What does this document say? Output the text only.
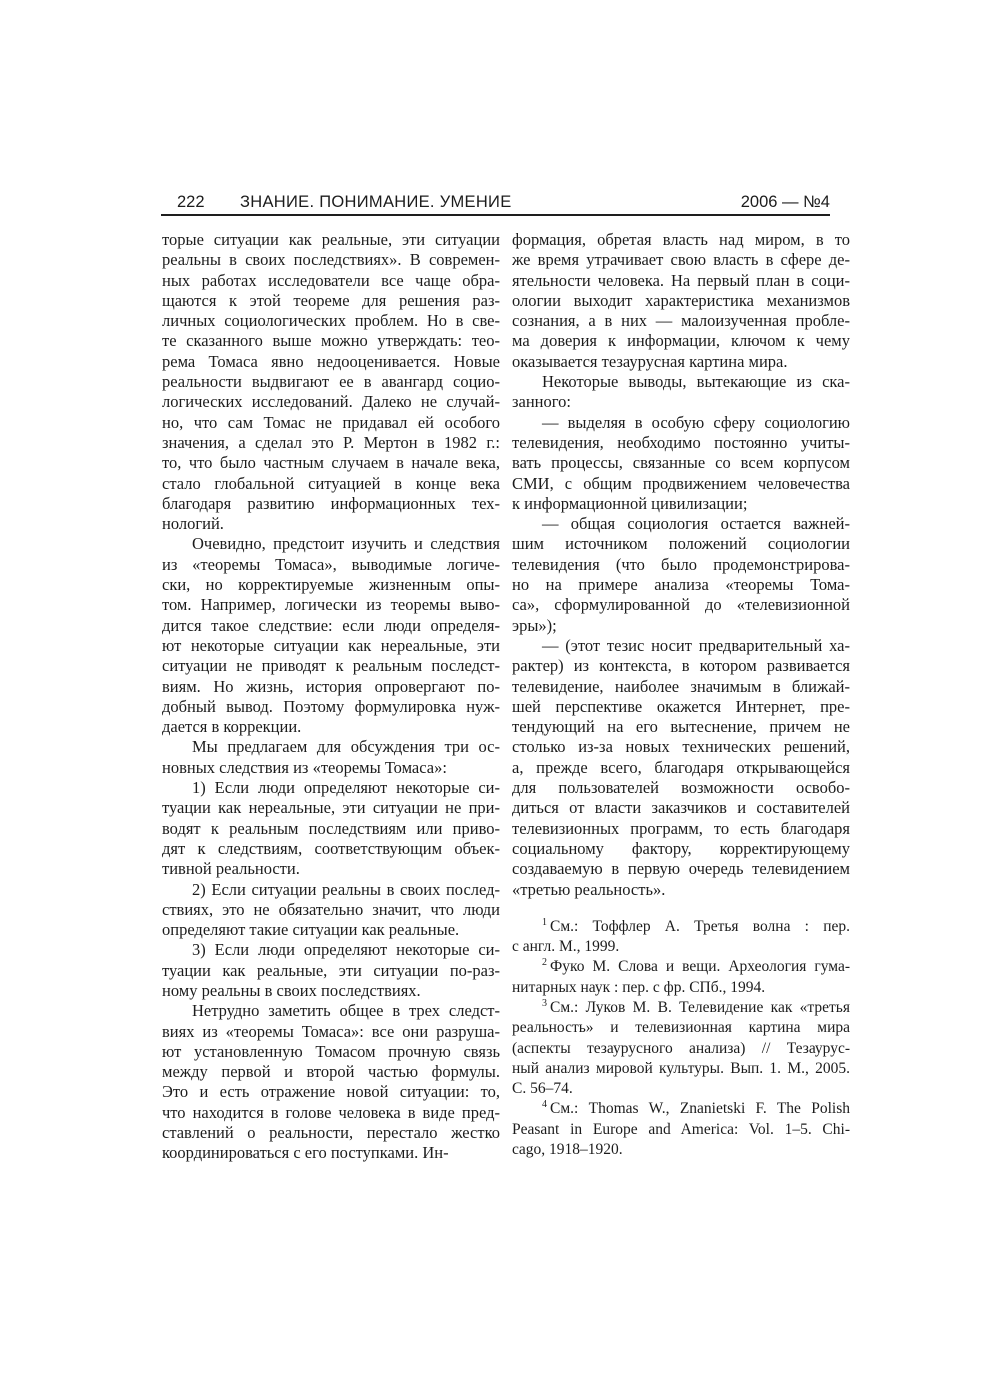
222 ЗНАНИЕ. ПОНИМАНИЕ. УМЕНИЕ	2006 — №4
торые ситуации как реальные, эти ситуации
реальны в своих последствиях». В современ-
ных работах исследователи все чаще обра-
щаются к этой теореме для решения раз-
личных социологических проблем. Но в све-
те сказанного выше можно утверждать: тео-
рема Томаса явно недооценивается. Новые
реальности выдвигают ее в авангард социо-
логических исследований. Далеко не случай-
но, что сам Томас не придавал ей особого
значения, а сделал это Р. Мертон в 1982 г.:
то, что было частным случаем в начале века,
стало глобальной ситуацией в конце века
благодаря развитию информационных тех-
нологий.
Очевидно, предстоит изучить и следствия
из «теоремы Томаса», выводимые логиче-
ски, но корректируемые жизненным опы-
том. Например, логически из теоремы выво-
дится такое следствие: если люди определя-
ют некоторые ситуации как нереальные, эти
ситуации не приводят к реальным последст-
виям. Но жизнь, история опровергают по-
добный вывод. Поэтому формулировка нуж-
дается в коррекции.
Мы предлагаем для обсуждения три ос-
новных следствия из «теоремы Томаса»:
1) Если люди определяют некоторые си-
туации как нереальные, эти ситуации не при-
водят к реальным последствиям или приво-
дят к следствиям, соответствующим объек-
тивной реальности.
2) Если ситуации реальны в своих послед-
ствиях, это не обязательно значит, что люди
определяют такие ситуации как реальные.
3) Если люди определяют некоторые си-
туации как реальные, эти ситуации по-раз-
ному реальны в своих последствиях.
Нетрудно заметить общее в трех следст-
виях из «теоремы Томаса»: все они разруша-
ют установленную Томасом прочную связь
между первой и второй частью формулы.
Это и есть отражение новой ситуации: то,
что находится в голове человека в виде пред-
ставлений о реальности, перестало жестко
координироваться с его поступками. Ин-
формация, обретая власть над миром, в то
же время утрачивает свою власть в сфере де-
ятельности человека. На первый план в соци-
ологии выходит характеристика механизмов
сознания, а в них — малоизученная пробле-
ма доверия к информации, ключом к чему
оказывается тезаурусная картина мира.
Некоторые выводы, вытекающие из ска-
занного:
— выделяя в особую сферу социологию
телевидения, необходимо постоянно учиты-
вать процессы, связанные со всем корпусом
СМИ, с общим продвижением человечества
к информационной цивилизации;
— общая социология остается важней-
шим источником положений социологии
телевидения (что было продемонстрирова-
но на примере анализа «теоремы Тома-
са», сформулированной до «телевизионной
эры»);
— (этот тезис носит предварительный ха-
рактер) из контекста, в котором развивается
телевидение, наиболее значимым в ближай-
шей перспективе окажется Интернет, пре-
тендующий на его вытеснение, причем не
столько из-за новых технических решений,
а, прежде всего, благодаря открывающейся
для пользователей возможности освобо-
диться от власти заказчиков и составителей
телевизионных программ, то есть благодаря
социальному фактору, корректирующему
создаваемую в первую очередь телевидением
«третью реальность».
$^1$ См.: Тоффлер А. Третья волна : пер.
с англ. М., 1999.
$^2$ Фуко М. Слова и вещи. Археология гума-
нитарных наук : пер. с фр. СПб., 1994.
$^3$ См.: Луков М. В. Телевидение как «третья
реальность» и телевизионная картина мира
(аспекты тезаурусного анализа) // Тезаурус-
ный анализ мировой культуры. Вып. 1. М., 2005.
С. 56–74.
$^4$ См.: Thomas W., Znanietski F. The Polish
Peasant in Europe and America: Vol. 1–5. Chi-
cago, 1918–1920.
